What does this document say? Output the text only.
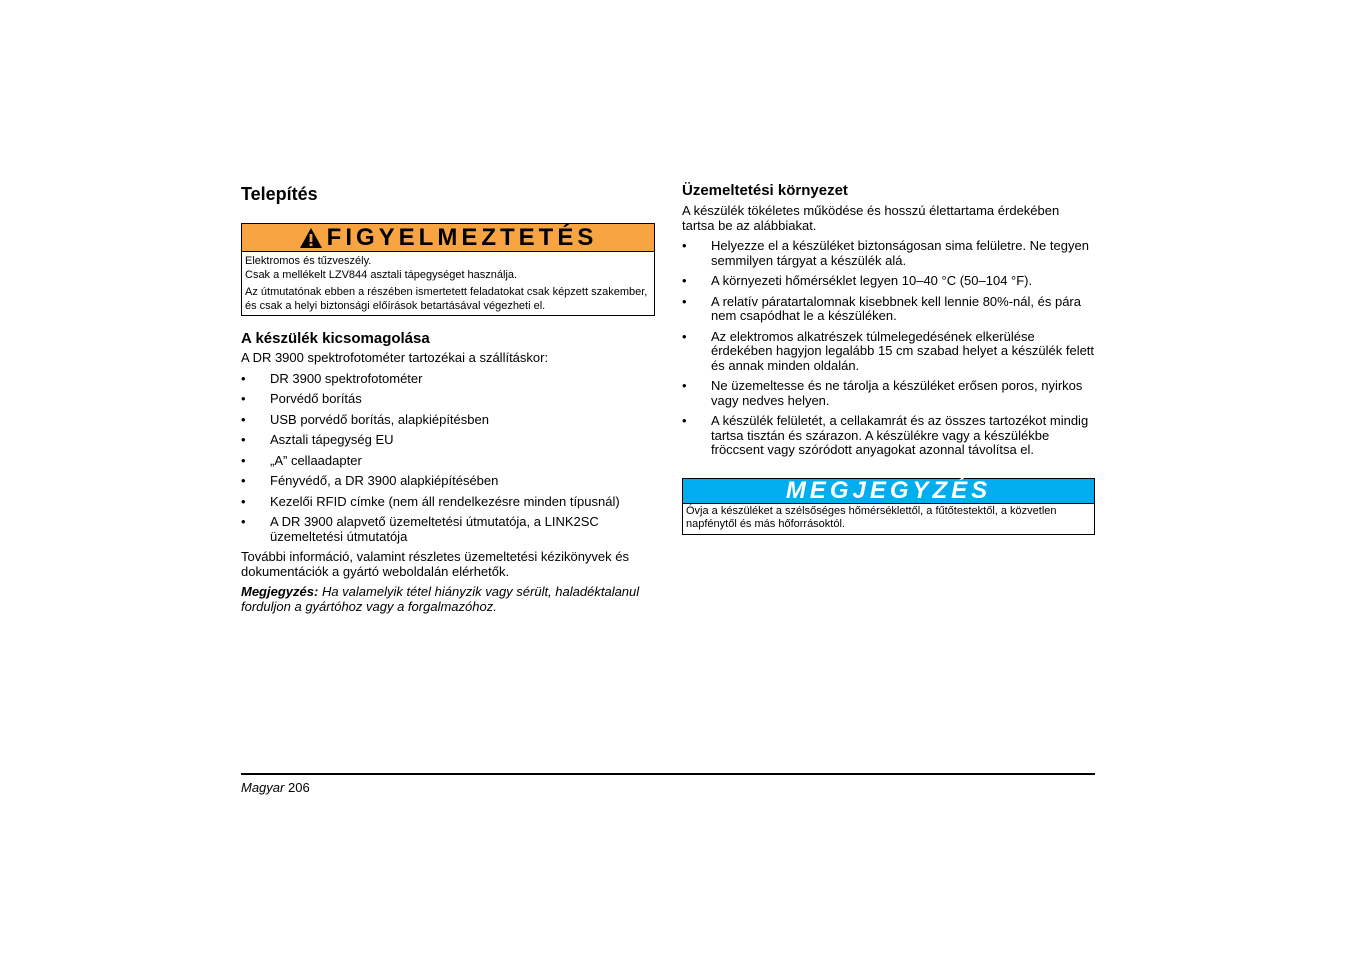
Telepítés
FIGYELMEZTETÉS

Elektromos és tűzveszély.
Csak a mellékelt LZV844 asztali tápegységet használja.

Az útmutatónak ebben a részében ismertetett feladatokat csak képzett szakember, és csak a helyi biztonsági előírások betartásával végezheti el.

A készülék kicsomagolása

A DR 3900 spektrofotométer tartozékai a szállításkor:

• DR 3900 spektrofotométer
• Porvédő borítás
• USB porvédő borítás, alapkiépítésben
• Asztali tápegység EU
• „A” cellaadapter
• Fényvédő, a DR 3900 alapkiépítésében
• Kezelői RFID címke (nem áll rendelkezésre minden típusnál)
• A DR 3900 alapvető üzemeltetési útmutatója, a LINK2SC üzemeltetési útmutatója

További információ, valamint részletes üzemeltetési kézikönyvek és dokumentációk a gyártó weboldalán elérhetők.

Megjegyzés: Ha valamelyik tétel hiányzik vagy sérült, haladéktalanul forduljon a gyártóhoz vagy a forgalmazóhoz.

Üzemeltetési környezet

A készülék tökéletes működése és hosszú élettartama érdekében tartsa be az alábbiakat.

• Helyezze el a készüléket biztonságosan sima felületre. Ne tegyen semmilyen tárgyat a készülék alá.
• A környezeti hőmérséklet legyen 10–40 °C (50–104 °F).
• A relatív páratartalomnak kisebbnek kell lennie 80%-nál, és pára nem csapódhat le a készüléken.
• Az elektromos alkatrészek túlmelegedésének elkerülése érdekében hagyjon legalább 15 cm szabad helyet a készülék felett és annak minden oldalán.
• Ne üzemeltesse és ne tárolja a készüléket erősen poros, nyirkos vagy nedves helyen.
• A készülék felületét, a cellakamrát és az összes tartozékot mindig tartsa tisztán és szárazon. A készülékre vagy a készülékbe fröccsent vagy szóródott anyagokat azonnal távolítsa el.
MEGJEGYZÉS
Óvja a készüléket a szélsőséges hőmérséklettől, a fűtőtestektől, a közvetlen napfénytől és más hőforrásoktól.
Magyar 206
